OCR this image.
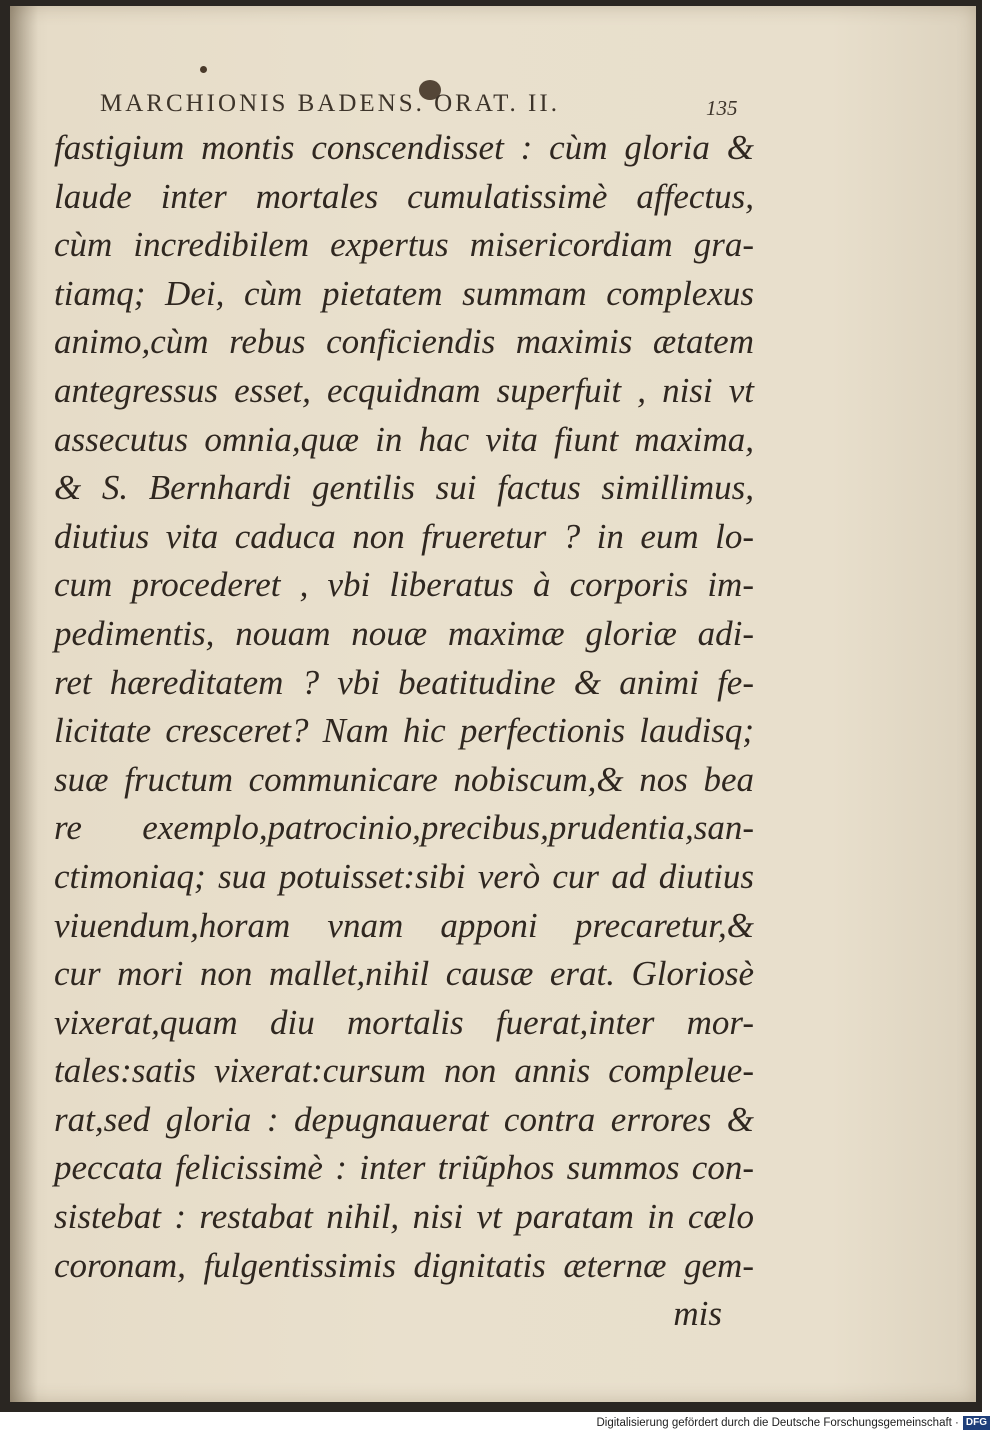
MARCHIONIS BADENS. ORAT. II.	135
fastigium montis conscendisset : cùm gloria &
laude inter mortales cumulatissimè affectus,
cùm incredibilem expertus misericordiam gra-
tiamq; Dei, cùm pietatem summam complexus
animo,cùm rebus conficiendis maximis ætatem
antegressus esset, ecquidnam superfuit , nisi vt
assecutus omnia,quæ in hac vita fiunt maxima,
& S. Bernhardi gentilis sui factus simillimus,
diutius vita caduca non frueretur ? in eum lo-
cum procederet , vbi liberatus à corporis im-
pedimentis, nouam nouæ maximæ gloriæ adi-
ret hæreditatem ? vbi beatitudine & animi fe-
licitate cresceret? Nam hic perfectionis laudisq;
suæ fructum communicare nobiscum,& nos bea
re exemplo,patrocinio,precibus,prudentia,san-
ctimoniaq; sua potuisset:sibi verò cur ad diutius
viuendum,horam vnam apponi precaretur,&
cur mori non mallet,nihil causæ erat. Gloriosè
vixerat,quam diu mortalis fuerat,inter mor-
tales:satis vixerat:cursum non annis compleue-
rat,sed gloria : depugnauerat contra errores &
peccata felicissimè : inter triũphos summos con-
sistebat : restabat nihil, nisi vt paratam in cælo
coronam, fulgentissimis dignitatis æternæ gem-
mis
Digitalisierung gefördert durch die Deutsche Forschungsgemeinschaft · DFG
